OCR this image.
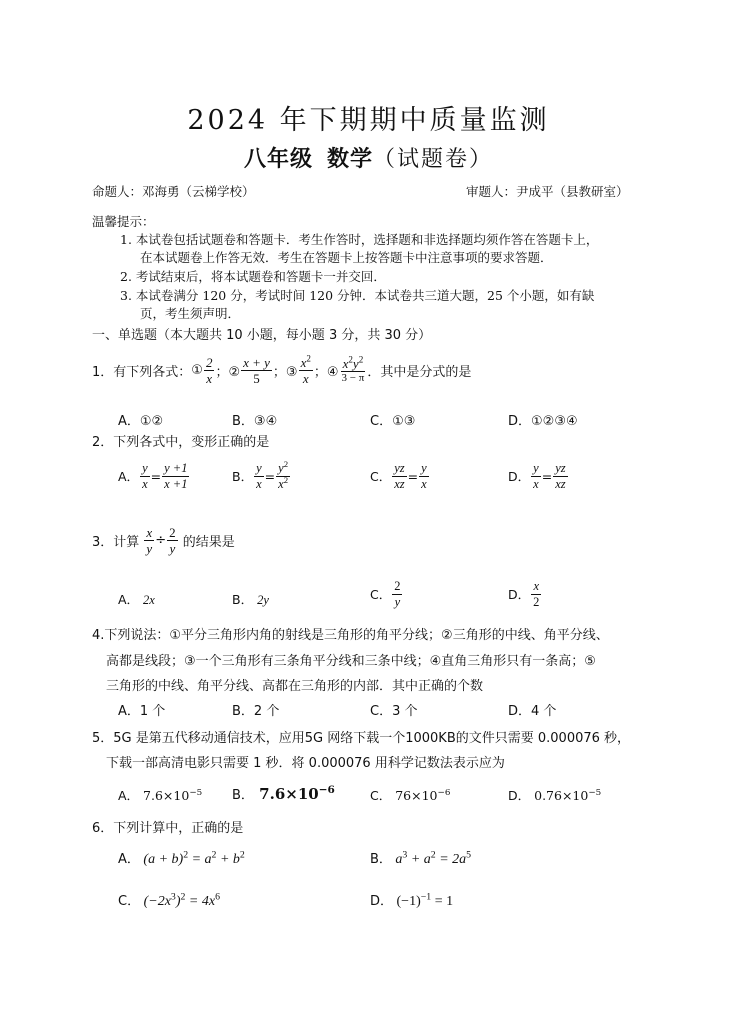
2024 年下期期中质量监测
八年级 数学（试题卷）
命题人：邓海勇（云梯学校）	审题人：尹成平（县教研室）
温馨提示：
1. 本试卷包括试题卷和答题卡．考生作答时，选择题和非选择题均须作答在答题卡上，
在本试题卷上作答无效．考生在答题卡上按答题卡中注意事项的要求答题．
2. 考试结束后，将本试题卷和答题卡一并交回．
3. 本试卷满分 120 分，考试时间 120 分钟．本试卷共三道大题，25 个小题，如有缺
页，考生须声明．
一、单选题（本大题共 10 小题，每小题 3 分，共 30 分）
1．有下列各式： ① $\frac{2}{x}$ ；② $\frac{x + y}{5}$ ；③ $\frac{x^2}{x}$ ；④ $\frac{x^2y^2}{3 - \pi}$ ．其中是分式的是
A．①②	B．③④	C．①③	D．①②③④
2．下列各式中，变形正确的是
A． $\frac{y}{x} = \frac{y +1}{x +1}$	B． $\frac{y}{x} = \frac{y^2}{x^2}$	C． $\frac{yz}{xz} = \frac{y}{x}$	D． $\frac{y}{x} = \frac{yz}{xz}$
3．计算
$\frac{x}{y} \div \frac{2}{y}$
的结果是
A． 2x	B． 2y	C． $\frac{2}{y}$	D． $\frac{x}{2}$
4.下列说法：①平分三角形内角的射线是三角形的角平分线；②三角形的中线、角平分线、
高都是线段；③一个三角形有三条角平分线和三条中线；④直角三角形只有一条高；⑤
三角形的中线、角平分线、高都在三角形的内部．其中正确的个数
A．1 个	B．2 个	C．3 个	D．4 个
5．5G 是第五代移动通信技术，应用5G 网络下载一个1000KB的文件只需要 0.000076 秒，
下载一部高清电影只需要 1 秒．将 0.000076 用科学记数法表示应为
A． $7.6\times 10^{-5}$ B． $7.6\times 10^{-6}$	C． $76\times 10^{-6}$	D． $0.76\times 10^{-5}$
6．下列计算中，正确的是
A． $(a + b)^2 = a^2 + b^2$	B． $a^3 + a^2 = 2a^5$
C． $(-2x^3)^2 = 4x^6$	D． $(-1)^{-1} = 1$
